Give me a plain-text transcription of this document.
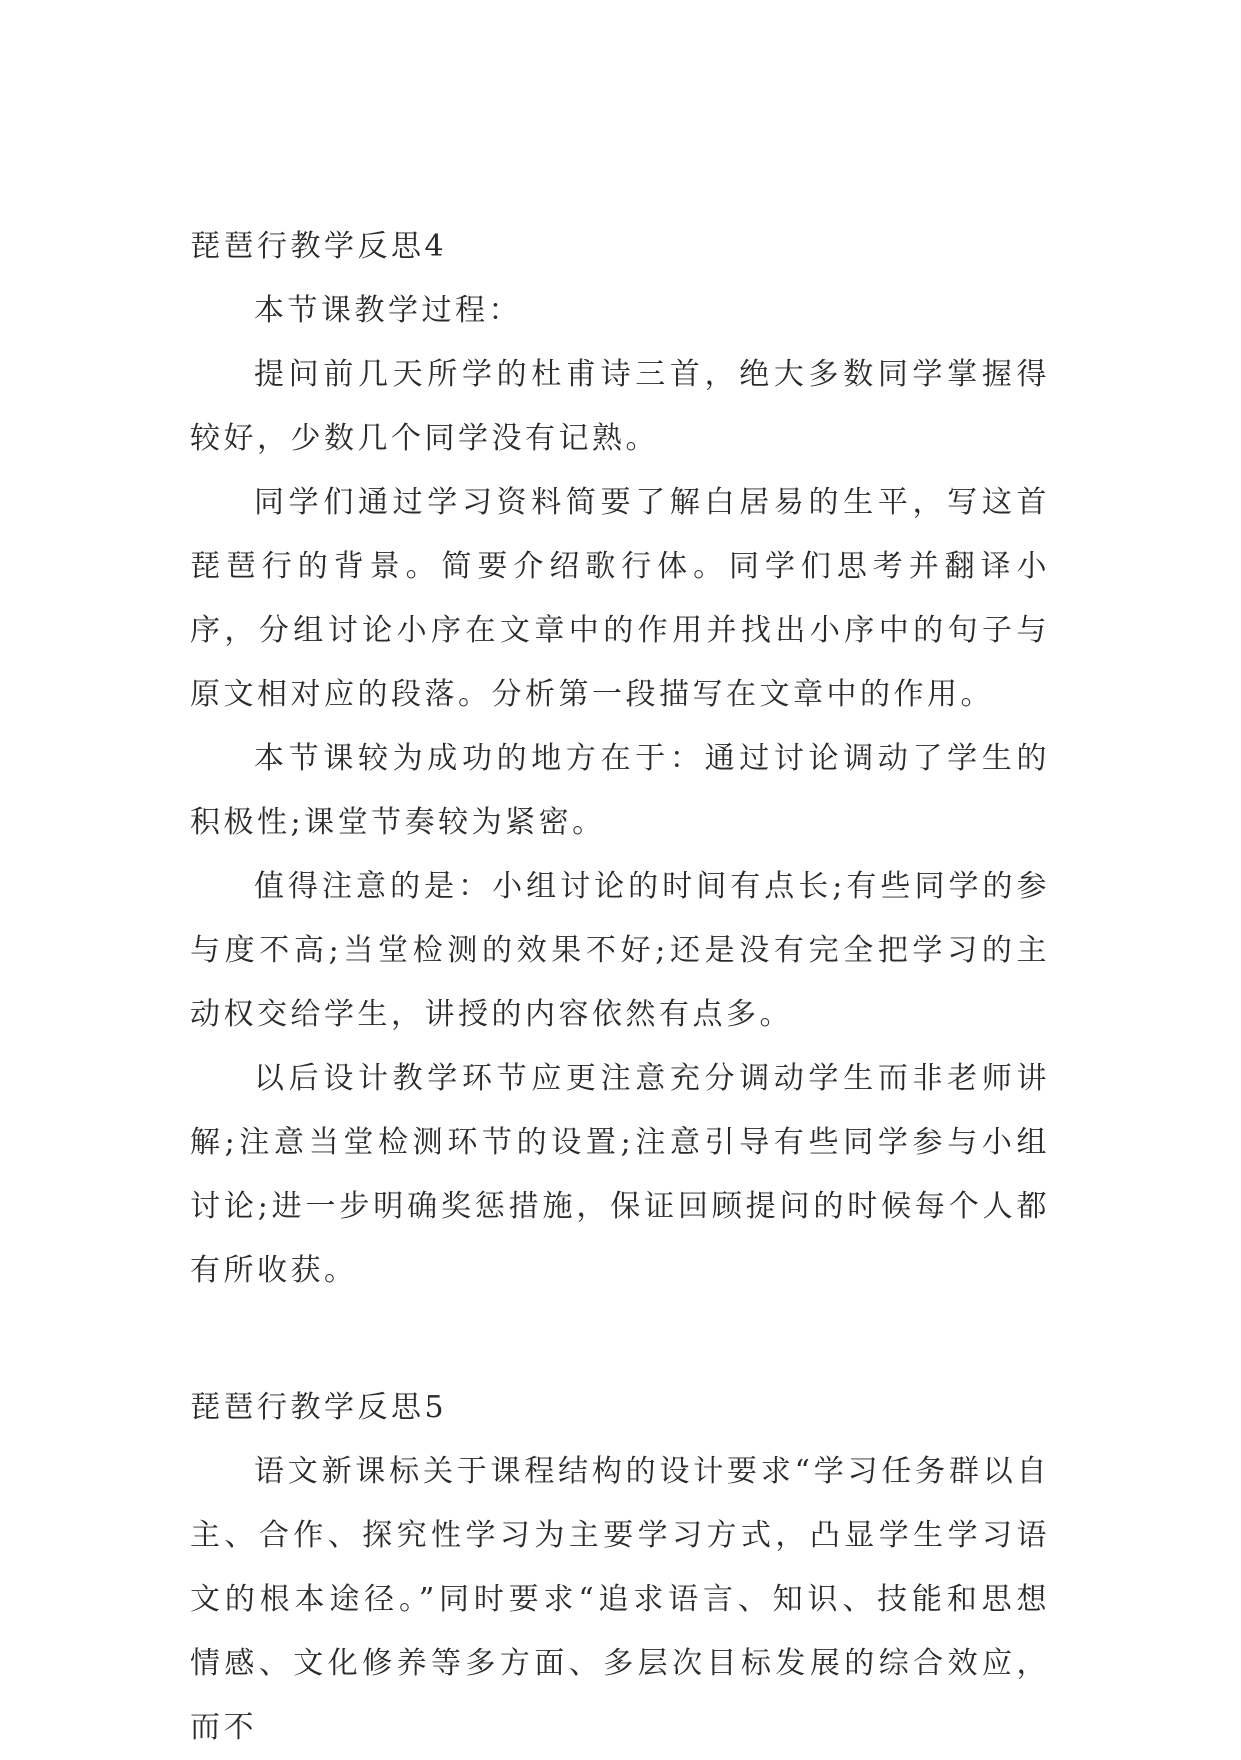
琵琶行教学反思4

本节课教学过程：

提问前几天所学的杜甫诗三首，绝大多数同学掌握得较好，少数几个同学没有记熟。

同学们通过学习资料简要了解白居易的生平，写这首琵琶行的背景。简要介绍歌行体。同学们思考并翻译小序，分组讨论小序在文章中的作用并找出小序中的句子与原文相对应的段落。分析第一段描写在文章中的作用。

本节课较为成功的地方在于：通过讨论调动了学生的积极性;课堂节奏较为紧密。

值得注意的是：小组讨论的时间有点长;有些同学的参与度不高;当堂检测的效果不好;还是没有完全把学习的主动权交给学生，讲授的内容依然有点多。

以后设计教学环节应更注意充分调动学生而非老师讲解;注意当堂检测环节的设置;注意引导有些同学参与小组讨论;进一步明确奖惩措施，保证回顾提问的时候每个人都有所收获。

琵琶行教学反思5

语文新课标关于课程结构的设计要求“学习任务群以自主、合作、探究性学习为主要学习方式，凸显学生学习语文的根本途径。”同时要求“追求语言、知识、技能和思想情感、文化修养等多方面、多层次目标发展的综合效应，而不
